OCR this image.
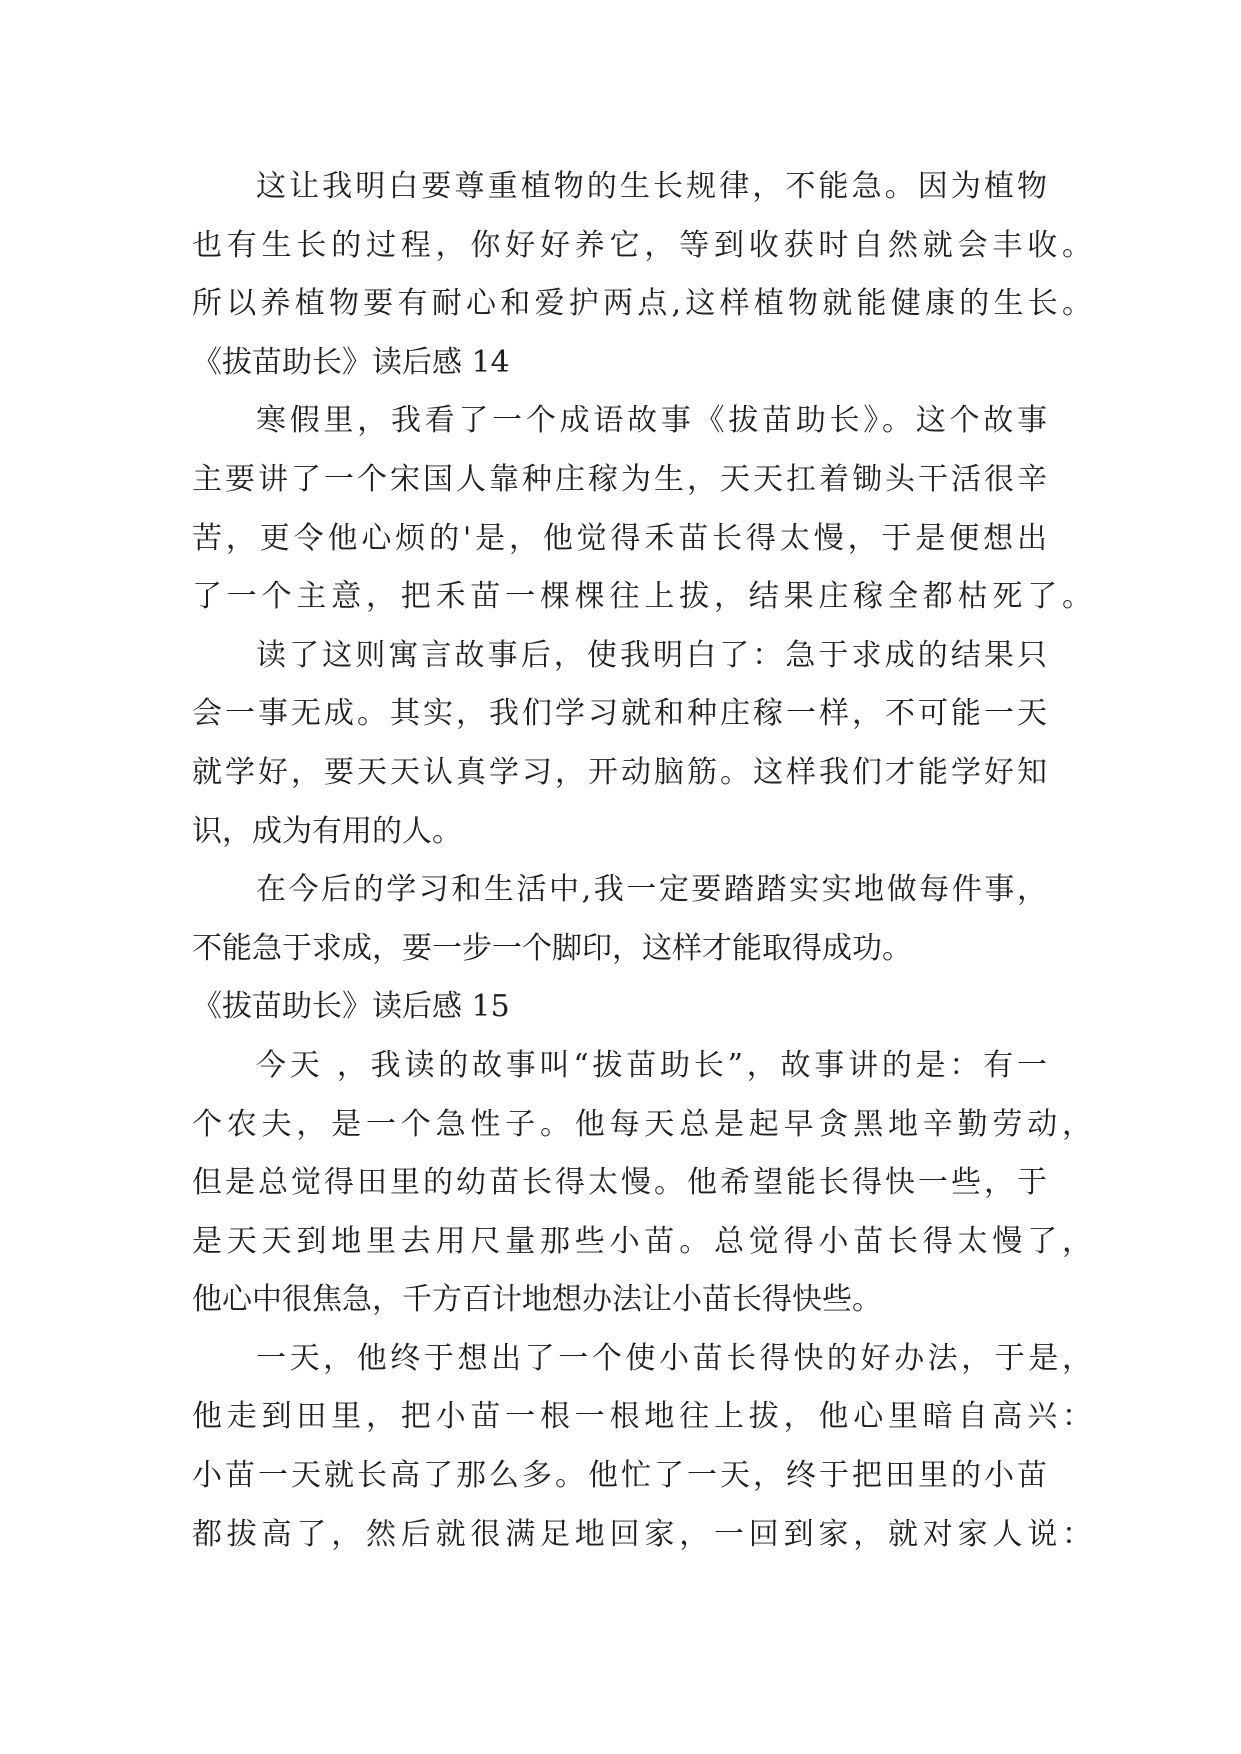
这让我明白要尊重植物的生长规律，不能急。因为植物
也有生长的过程，你好好养它，等到收获时自然就会丰收。
所以养植物要有耐心和爱护两点,这样植物就能健康的生长。
《拔苗助长》读后感 14
寒假里，我看了一个成语故事《拔苗助长》。这个故事
主要讲了一个宋国人靠种庄稼为生，天天扛着锄头干活很辛
苦，更令他心烦的'是，他觉得禾苗长得太慢，于是便想出
了一个主意，把禾苗一棵棵往上拔，结果庄稼全都枯死了。
读了这则寓言故事后，使我明白了：急于求成的结果只
会一事无成。其实，我们学习就和种庄稼一样，不可能一天
就学好，要天天认真学习，开动脑筋。这样我们才能学好知
识，成为有用的人。
在今后的学习和生活中,我一定要踏踏实实地做每件事，
不能急于求成，要一步一个脚印，这样才能取得成功。
《拔苗助长》读后感 15
今天 ，我读的故事叫“拔苗助长”，故事讲的是：有一
个农夫，是一个急性子。他每天总是起早贪黑地辛勤劳动，
但是总觉得田里的幼苗长得太慢。他希望能长得快一些，于
是天天到地里去用尺量那些小苗。总觉得小苗长得太慢了，
他心中很焦急，千方百计地想办法让小苗长得快些。
一天，他终于想出了一个使小苗长得快的好办法，于是，
他走到田里，把小苗一根一根地往上拔，他心里暗自高兴：
小苗一天就长高了那么多。他忙了一天，终于把田里的小苗
都拔高了，然后就很满足地回家，一回到家，就对家人说：
